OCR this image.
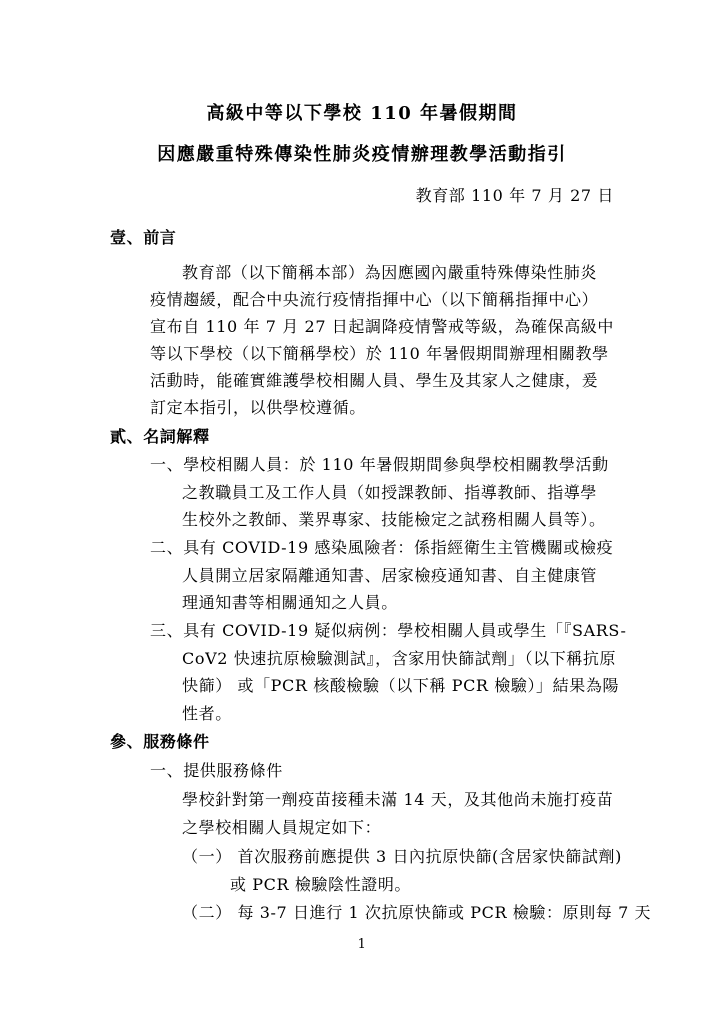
高級中等以下學校 110 年暑假期間
因應嚴重特殊傳染性肺炎疫情辦理教學活動指引
教育部 110 年 7 月 27 日
壹、前言
教育部（以下簡稱本部）為因應國內嚴重特殊傳染性肺炎
疫情趨緩，配合中央流行疫情指揮中心（以下簡稱指揮中心）
宣布自 110 年 7 月 27 日起調降疫情警戒等級，為確保高級中
等以下學校（以下簡稱學校）於 110 年暑假期間辦理相關教學
活動時，能確實維護學校相關人員、學生及其家人之健康，爰
訂定本指引，以供學校遵循。
貳、名詞解釋
一、學校相關人員：於 110 年暑假期間參與學校相關教學活動
之教職員工及工作人員（如授課教師、指導教師、指導學
生校外之教師、業界專家、技能檢定之試務相關人員等）。
二、具有 COVID-19 感染風險者：係指經衛生主管機關或檢疫
人員開立居家隔離通知書、居家檢疫通知書、自主健康管
理通知書等相關通知之人員。
三、具有 COVID-19 疑似病例：學校相關人員或學生「『SARS-
CoV2 快速抗原檢驗測試』，含家用快篩試劑」（以下稱抗原
快篩） 或「PCR 核酸檢驗（以下稱 PCR 檢驗）」結果為陽
性者。
參、服務條件
一、提供服務條件
學校針對第一劑疫苗接種未滿 14 天，及其他尚未施打疫苗
之學校相關人員規定如下：
（一） 首次服務前應提供 3 日內抗原快篩(含居家快篩試劑)
或 PCR 檢驗陰性證明。
（二） 每 3-7 日進行 1 次抗原快篩或 PCR 檢驗：原則每 7 天
1
